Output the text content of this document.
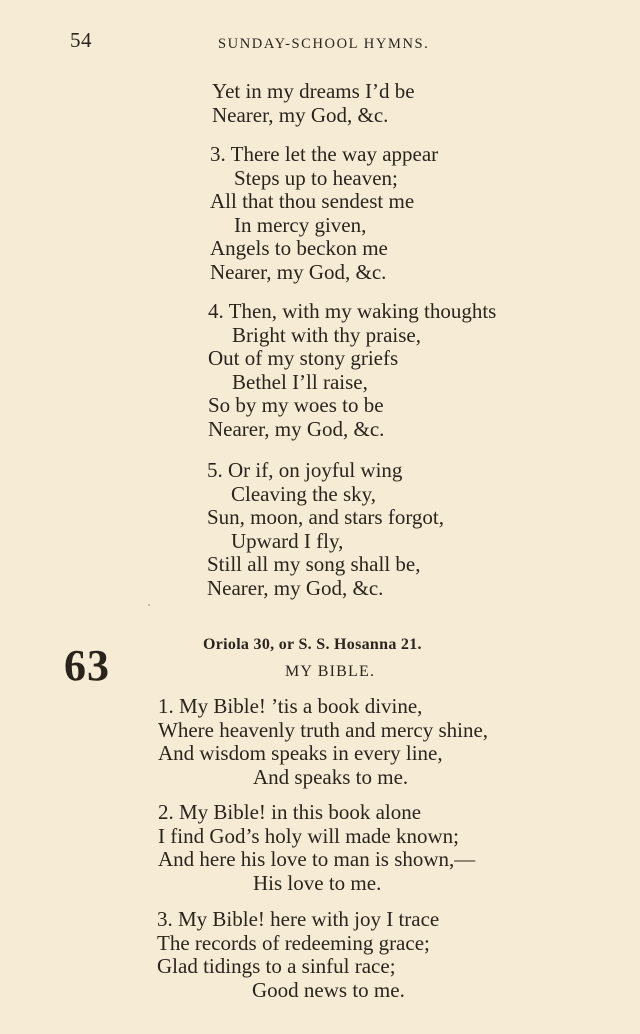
54	SUNDAY-SCHOOL HYMNS.
Yet in my dreams I’d be
Nearer, my God, &c.
3. There let the way appear
Steps up to heaven;
All that thou sendest me
In mercy given,
Angels to beckon me
Nearer, my God, &c.
4. Then, with my waking thoughts
Bright with thy praise,
Out of my stony griefs
Bethel I’ll raise,
So by my woes to be
Nearer, my God, &c.
5. Or if, on joyful wing
Cleaving the sky,
Sun, moon, and stars forgot,
Upward I fly,
Still all my song shall be,
Nearer, my God, &c.
63	Oriola 30, or S. S. Hosanna 21.
MY BIBLE.
1. My Bible! ’tis a book divine,
Where heavenly truth and mercy shine,
And wisdom speaks in every line,
And speaks to me.
2. My Bible! in this book alone
I find God’s holy will made known;
And here his love to man is shown,—
His love to me.
3. My Bible! here with joy I trace
The records of redeeming grace;
Glad tidings to a sinful race;
Good news to me.
